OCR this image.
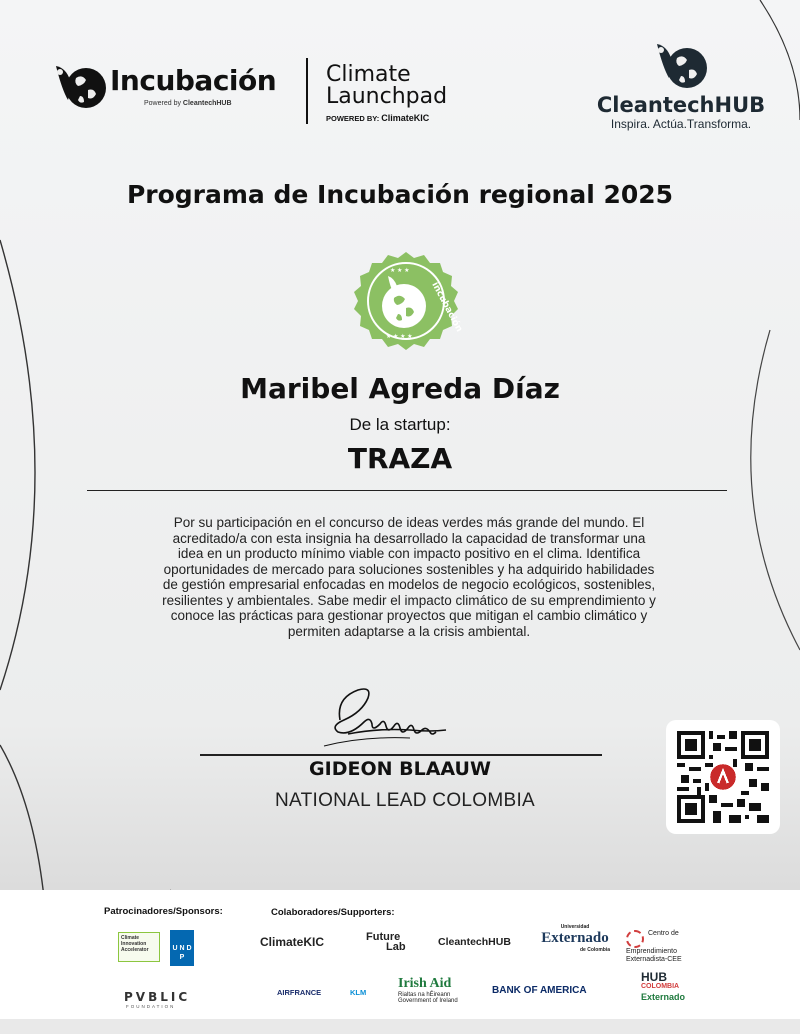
Incubación
Powered by CleantechHUB
Climate
Launchpad
POWERED BY: ClimateKIC
CleantechHUB
Inspira. Actúa.Transforma.
Programa de Incubación regional 2025
★ ★ ★
★ ★ ★ ★
incubación
Maribel Agreda Díaz
De la startup:
TRAZA
Por su participación en el concurso de ideas verdes más grande del mundo. El acreditado/a con esta insignia ha desarrollado la capacidad de transformar una idea en un producto mínimo viable con impacto positivo en el clima. Identifica oportunidades de mercado para soluciones sostenibles y ha adquirido habilidades de gestión empresarial enfocadas en modelos de negocio ecológicos, sostenibles, resilientes y ambientales. Sabe medir el impacto climático de su emprendimiento y conoce las prácticas para gestionar proyectos que mitigan el cambio climático y permiten adaptarse a la crisis ambiental.
GIDEON BLAAUW
NATIONAL LEAD COLOMBIA
Patrocinadores/Sponsors:	Colaboradores/Supporters:
Climate Innovation Accelerator	U N D P
PVBLIC
FOUNDATION
ClimateKIC	Future
Lab	CleantechHUB
Universidad
Externado
de Colombia
Centro de
Emprendimiento
Externadista-CEE
AIRFRANCE	KLM
Irish Aid
Rialtas na hÉireann
Government of Ireland
BANK OF AMERICA
HUB
COLOMBIA
Externado
